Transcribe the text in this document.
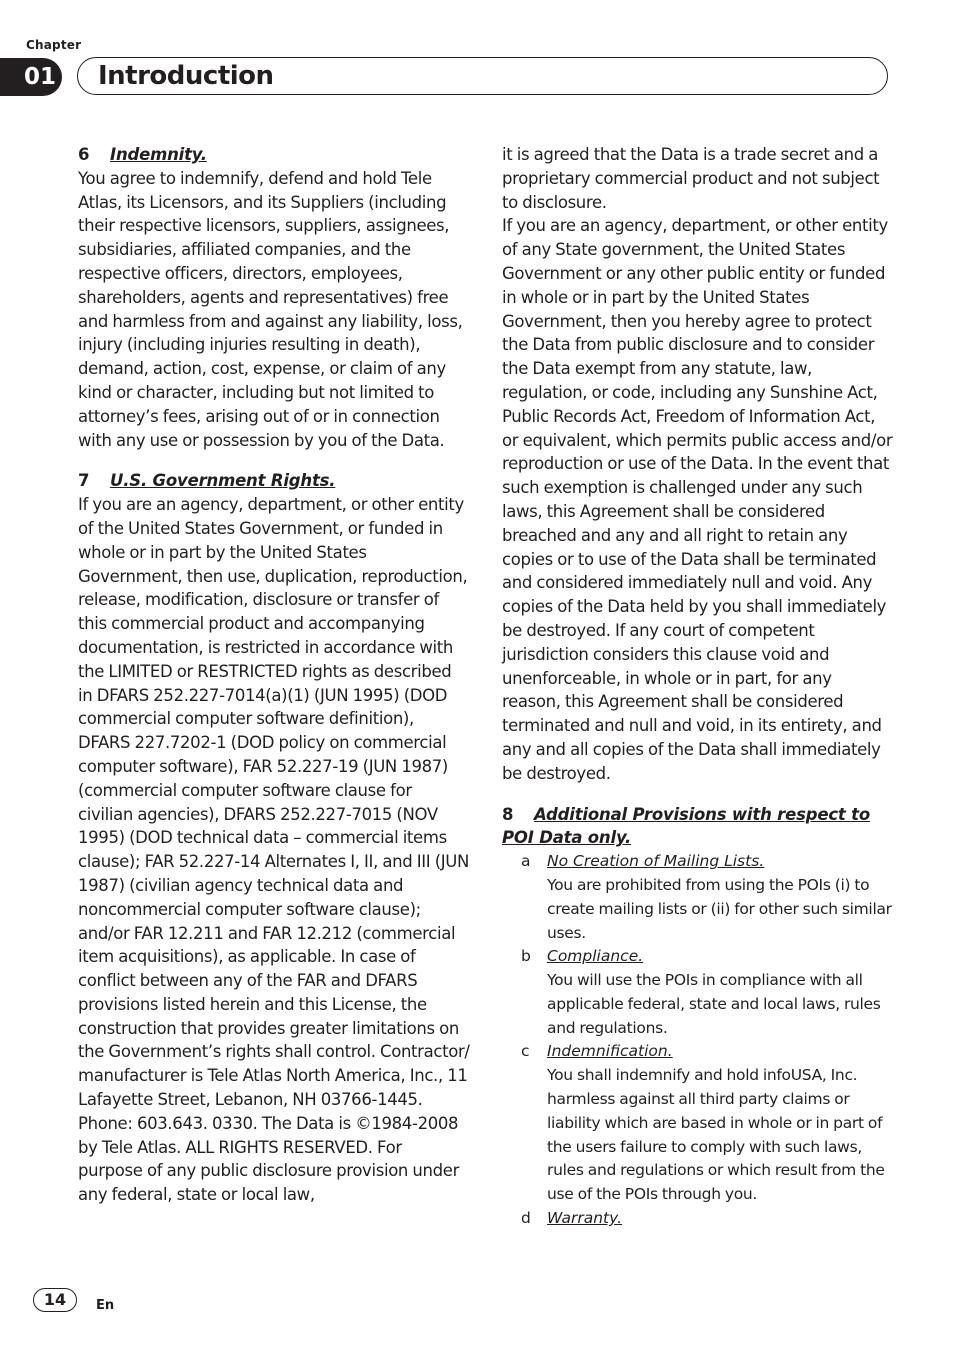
Chapter
01 Introduction
6 Indemnity.

You agree to indemnify, defend and hold Tele Atlas, its Licensors, and its Suppliers (including their respective licensors, suppliers, assignees, subsidiaries, affiliated companies, and the respective officers, directors, employees, shareholders, agents and representatives) free and harmless from and against any liability, loss, injury (including injuries resulting in death), demand, action, cost, expense, or claim of any kind or character, including but not limited to attorney’s fees, arising out of or in connection with any use or possession by you of the Data.

7 U.S. Government Rights.

If you are an agency, department, or other entity of the United States Government, or funded in whole or in part by the United States Government, then use, duplication, reproduction, release, modification, disclosure or transfer of this commercial product and accompanying documentation, is restricted in accordance with the LIMITED or RESTRICTED rights as described in DFARS 252.227-7014(a)(1) (JUN 1995) (DOD commercial computer software definition), DFARS 227.7202-1 (DOD policy on commercial computer software), FAR 52.227-19 (JUN 1987) (commercial computer software clause for civilian agencies), DFARS 252.227-7015 (NOV 1995) (DOD technical data – commercial items clause); FAR 52.227-14 Alternates I, II, and III (JUN 1987) (civilian agency technical data and noncommercial computer software clause); and/or FAR 12.211 and FAR 12.212 (commercial item acquisitions), as applicable. In case of conflict between any of the FAR and DFARS provisions listed herein and this License, the construction that provides greater limitations on the Government’s rights shall control. Contractor/ manufacturer is Tele Atlas North America, Inc., 11 Lafayette Street, Lebanon, NH 03766-1445. Phone: 603.643. 0330. The Data is ©1984-2008 by Tele Atlas. ALL RIGHTS RESERVED. For purpose of any public disclosure provision under any federal, state or local law,

it is agreed that the Data is a trade secret and a proprietary commercial product and not subject to disclosure.

If you are an agency, department, or other entity of any State government, the United States Government or any other public entity or funded in whole or in part by the United States Government, then you hereby agree to protect the Data from public disclosure and to consider the Data exempt from any statute, law, regulation, or code, including any Sunshine Act, Public Records Act, Freedom of Information Act, or equivalent, which permits public access and/or reproduction or use of the Data. In the event that such exemption is challenged under any such laws, this Agreement shall be considered breached and any and all right to retain any copies or to use of the Data shall be terminated and considered immediately null and void. Any copies of the Data held by you shall immediately be destroyed. If any court of competent jurisdiction considers this clause void and unenforceable, in whole or in part, for any reason, this Agreement shall be considered terminated and null and void, in its entirety, and any and all copies of the Data shall immediately be destroyed.

8 Additional Provisions with respect to POI Data only.
a No Creation of Mailing Lists.

You are prohibited from using the POIs (i) to create mailing lists or (ii) for other such similar uses.

b Compliance.

You will use the POIs in compliance with all applicable federal, state and local laws, rules and regulations.

c Indemnification.

You shall indemnify and hold infoUSA, Inc. harmless against all third party claims or liability which are based in whole or in part of the users failure to comply with such laws, rules and regulations or which result from the use of the POIs through you.

d Warranty.

14	En
